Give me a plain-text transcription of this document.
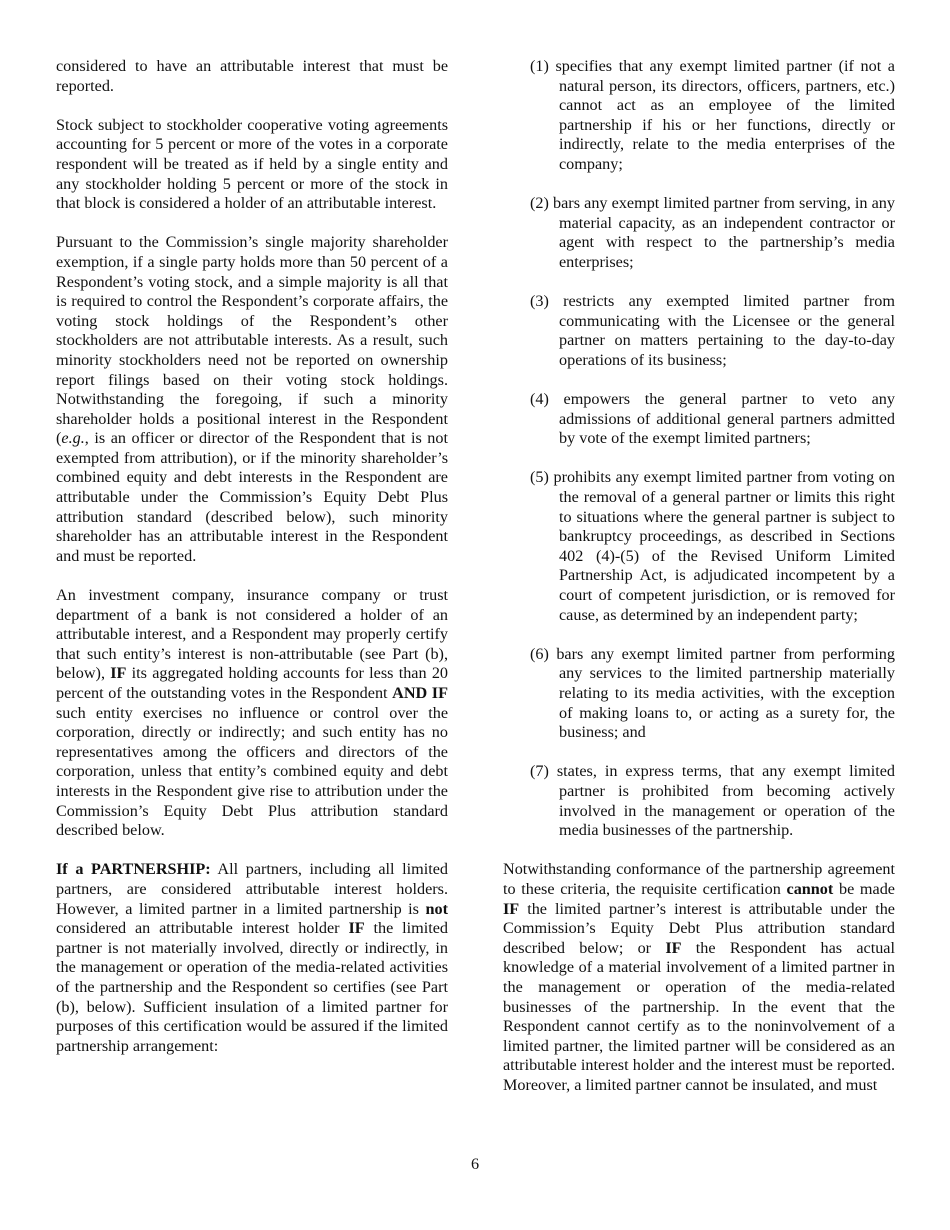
considered to have an attributable interest that must be reported.

Stock subject to stockholder cooperative voting agreements accounting for 5 percent or more of the votes in a corporate respondent will be treated as if held by a single entity and any stockholder holding 5 percent or more of the stock in that block is considered a holder of an attributable interest.

Pursuant to the Commission’s single majority shareholder exemption, if a single party holds more than 50 percent of a Respondent’s voting stock, and a simple majority is all that is required to control the Respondent’s corporate affairs, the voting stock holdings of the Respondent’s other stockholders are not attributable interests. As a result, such minority stockholders need not be reported on ownership report filings based on their voting stock holdings. Notwithstanding the foregoing, if such a minority shareholder holds a positional interest in the Respondent (e.g., is an officer or director of the Respondent that is not exempted from attribution), or if the minority shareholder’s combined equity and debt interests in the Respondent are attributable under the Commission’s Equity Debt Plus attribution standard (described below), such minority shareholder has an attributable interest in the Respondent and must be reported.

An investment company, insurance company or trust department of a bank is not considered a holder of an attributable interest, and a Respondent may properly certify that such entity’s interest is non-attributable (see Part (b), below), IF its aggregated holding accounts for less than 20 percent of the outstanding votes in the Respondent AND IF such entity exercises no influence or control over the corporation, directly or indirectly; and such entity has no representatives among the officers and directors of the corporation, unless that entity’s combined equity and debt interests in the Respondent give rise to attribution under the Commission’s Equity Debt Plus attribution standard described below.

If a PARTNERSHIP: All partners, including all limited partners, are considered attributable interest holders. However, a limited partner in a limited partnership is not considered an attributable interest holder IF the limited partner is not materially involved, directly or indirectly, in the management or operation of the media-related activities of the partnership and the Respondent so certifies (see Part (b), below). Sufficient insulation of a limited partner for purposes of this certification would be assured if the limited partnership arrangement:

(1) specifies that any exempt limited partner (if not a natural person, its directors, officers, partners, etc.) cannot act as an employee of the limited partnership if his or her functions, directly or indirectly, relate to the media enterprises of the company;
(2) bars any exempt limited partner from serving, in any material capacity, as an independent contractor or agent with respect to the partnership’s media enterprises;
(3) restricts any exempted limited partner from communicating with the Licensee or the general partner on matters pertaining to the day-to-day operations of its business;
(4) empowers the general partner to veto any admissions of additional general partners admitted by vote of the exempt limited partners;
(5) prohibits any exempt limited partner from voting on the removal of a general partner or limits this right to situations where the general partner is subject to bankruptcy proceedings, as described in Sections 402 (4)-(5) of the Revised Uniform Limited Partnership Act, is adjudicated incompetent by a court of competent jurisdiction, or is removed for cause, as determined by an independent party;
(6) bars any exempt limited partner from performing any services to the limited partnership materially relating to its media activities, with the exception of making loans to, or acting as a surety for, the business; and
(7) states, in express terms, that any exempt limited partner is prohibited from becoming actively involved in the management or operation of the media businesses of the partnership.

Notwithstanding conformance of the partnership agreement to these criteria, the requisite certification cannot be made IF the limited partner’s interest is attributable under the Commission’s Equity Debt Plus attribution standard described below; or IF the Respondent has actual knowledge of a material involvement of a limited partner in the management or operation of the media-related businesses of the partnership. In the event that the Respondent cannot certify as to the noninvolvement of a limited partner, the limited partner will be considered as an attributable interest holder and the interest must be reported. Moreover, a limited partner cannot be insulated, and must

6
